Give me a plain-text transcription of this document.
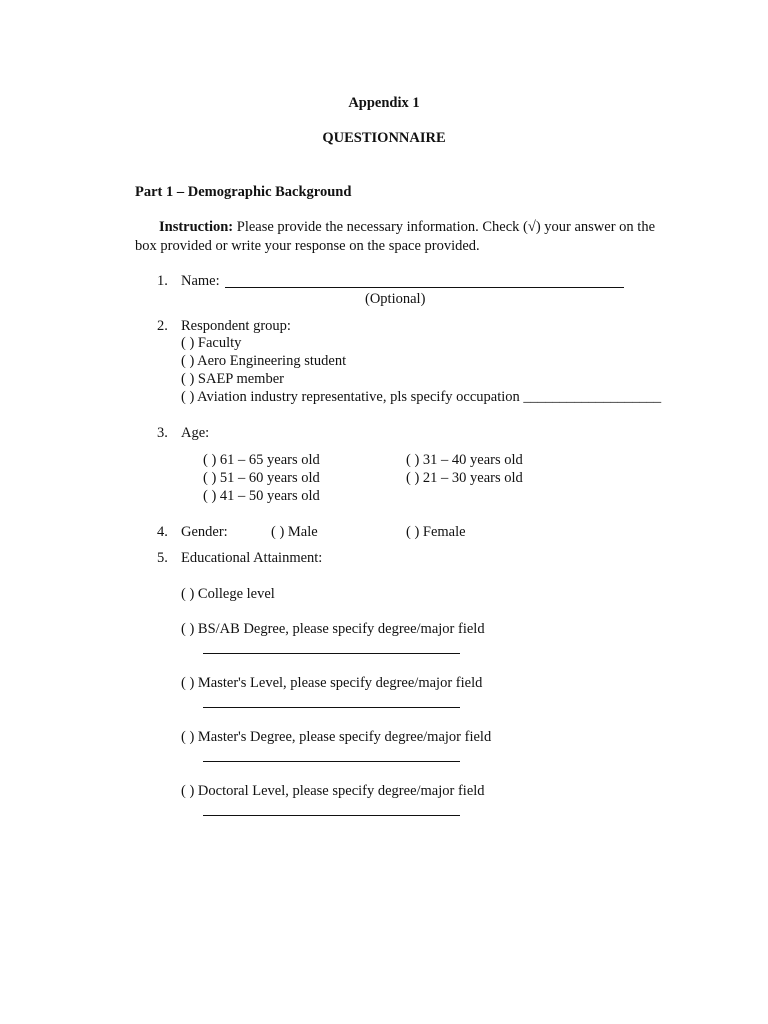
Appendix 1
QUESTIONNAIRE
Part 1 – Demographic Background
Instruction: Please provide the necessary information. Check (√) your answer on the
box provided or write your response on the space provided.
1. Name:
(Optional)
2. Respondent group:
( ) Faculty
( ) Aero Engineering student
( ) SAEP member
( ) Aviation industry representative, pls specify occupation ___________________
3. Age:
( ) 61 – 65 years old
( ) 51 – 60 years old
( ) 41 – 50 years old
( ) 31 – 40 years old
( ) 21 – 30 years old
4. Gender:	( ) Male	( ) Female
5. Educational Attainment:
( ) College level
( ) BS/AB Degree, please specify degree/major field
( ) Master's Level, please specify degree/major field
( ) Master's Degree, please specify degree/major field
( ) Doctoral Level, please specify degree/major field
